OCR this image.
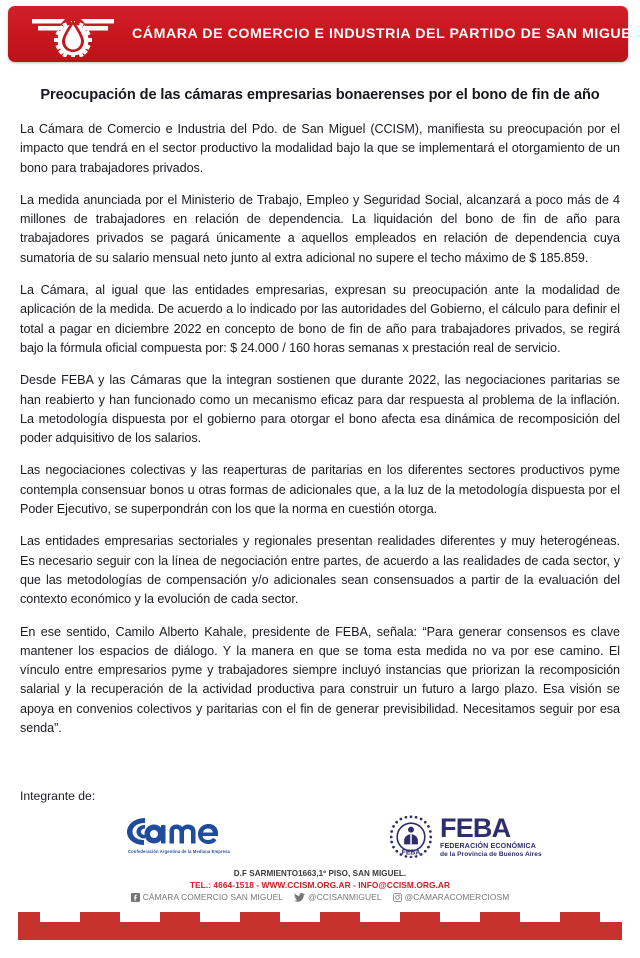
CÁMARA DE COMERCIO E INDUSTRIA DEL PARTIDO DE SAN MIGUEL
Preocupación de las cámaras empresarias bonaerenses por el bono de fin de año

La Cámara de Comercio e Industria del Pdo. de San Miguel (CCISM), manifiesta su preocupación por el impacto que tendrá en el sector productivo la modalidad bajo la que se implementará el otorgamiento de un bono para trabajadores privados.

La medida anunciada por el Ministerio de Trabajo, Empleo y Seguridad Social, alcanzará a poco más de 4 millones de trabajadores en relación de dependencia. La liquidación del bono de fin de año para trabajadores privados se pagará únicamente a aquellos empleados en relación de dependencia cuya sumatoria de su salario mensual neto junto al extra adicional no supere el techo máximo de $ 185.859.

La Cámara, al igual que las entidades empresarias, expresan su preocupación ante la modalidad de aplicación de la medida. De acuerdo a lo indicado por las autoridades del Gobierno, el cálculo para definir el total a pagar en diciembre 2022 en concepto de bono de fin de año para trabajadores privados, se regirá bajo la fórmula oficial compuesta por: $ 24.000 / 160 horas semanas x prestación real de servicio.

Desde FEBA y las Cámaras que la integran sostienen que durante 2022, las negociaciones paritarias se han reabierto y han funcionado como un mecanismo eficaz para dar respuesta al problema de la inflación. La metodología dispuesta por el gobierno para otorgar el bono afecta esa dinámica de recomposición del poder adquisitivo de los salarios.

Las negociaciones colectivas y las reaperturas de paritarias en los diferentes sectores productivos pyme contempla consensuar bonos u otras formas de adicionales que, a la luz de la metodología dispuesta por el Poder Ejecutivo, se superpondrán con los que la norma en cuestión otorga.

Las entidades empresarias sectoriales y regionales presentan realidades diferentes y muy heterogéneas. Es necesario seguir con la línea de negociación entre partes, de acuerdo a las realidades de cada sector, y que las metodologías de compensación y/o adicionales sean consensuados a partir de la evaluación del contexto económico y la evolución de cada sector.

En ese sentido, Camilo Alberto Kahale, presidente de FEBA, señala: “Para generar consensos es clave mantener los espacios de diálogo. Y la manera en que se toma esta medida no va por ese camino. El vínculo entre empresarios pyme y trabajadores siempre incluyó instancias que priorizan la recomposición salarial y la recuperación de la actividad productiva para construir un futuro a largo plazo. Esa visión se apoya en convenios colectivos y paritarias con el fin de generar previsibilidad. Necesitamos seguir por esa senda”.

Integrante de:
Confederación Argentina de la Mediana Empresa	FEBA
FEBA
FEDERACIÓN ECONÓMICA
de la Provincia de Buenos Aires
D.F SARMIENTO1663,1º PISO, SAN MIGUEL.
TEL.: 4664-1518 - WWW.CCISM.ORG.AR - INFO@CCISM.ORG.AR
CÁMARA COMERCIO SAN MIGUEL	@CCISANMIGUEL	@CAMARACOMERCIOSM
